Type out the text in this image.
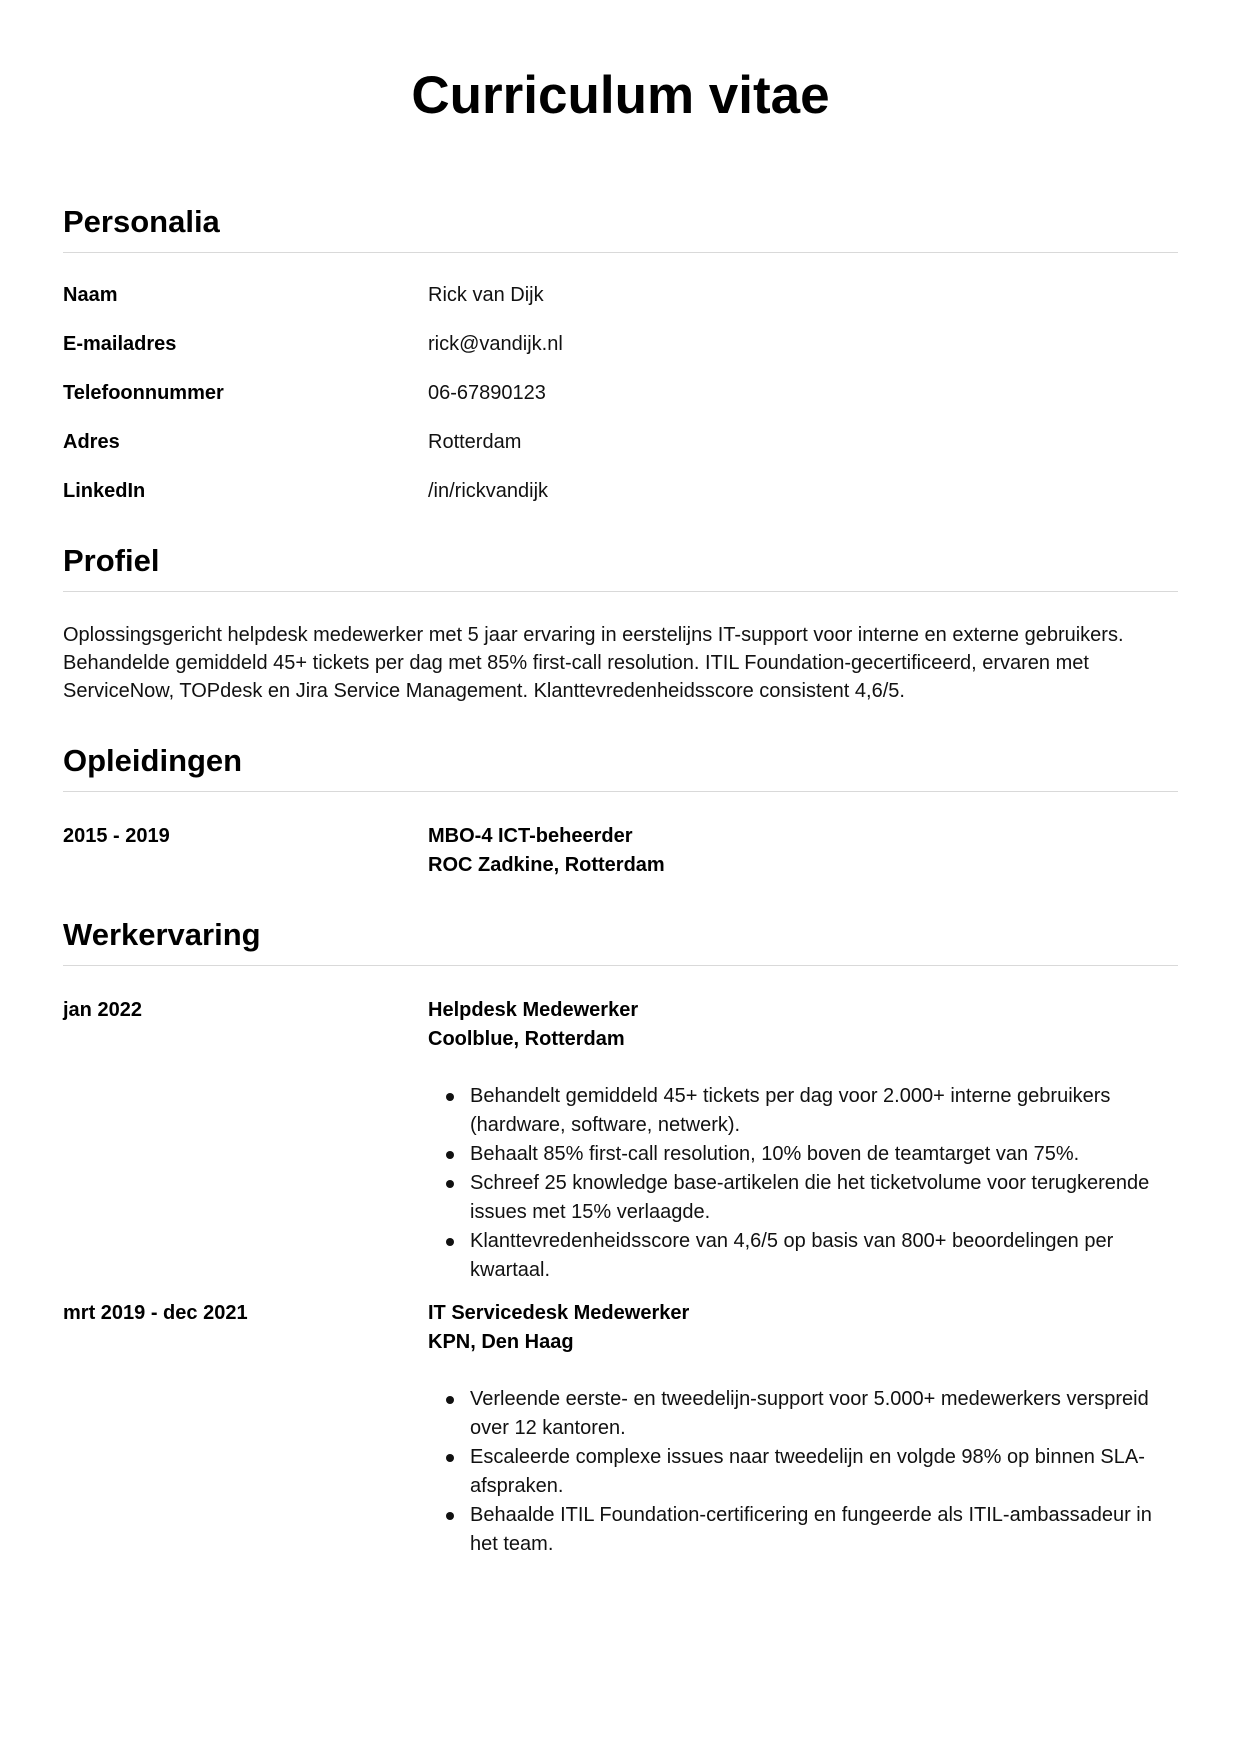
Curriculum vitae
Personalia
Naam	Rick van Dijk
E-mailadres	rick@vandijk.nl
Telefoonnummer	06-67890123
Adres	Rotterdam
LinkedIn	/in/rickvandijk
Profiel

Oplossingsgericht helpdesk medewerker met 5 jaar ervaring in eerstelijns IT-support voor interne en externe gebruikers. Behandelde gemiddeld 45+ tickets per dag met 85% first-call resolution. ITIL Foundation-gecertificeerd, ervaren met ServiceNow, TOPdesk en Jira Service Management. Klanttevredenheidsscore consistent 4,6/5.

Opleidingen
2015 - 2019	MBO-4 ICT-beheerder
ROC Zadkine, Rotterdam
Werkervaring
jan 2022	Helpdesk Medewerker
Coolblue, Rotterdam
Behandelt gemiddeld 45+ tickets per dag voor 2.000+ interne gebruikers (hardware, software, netwerk).
Behaalt 85% first-call resolution, 10% boven de teamtarget van 75%.
Schreef 25 knowledge base-artikelen die het ticketvolume voor terugkerende issues met 15% verlaagde.
Klanttevredenheidsscore van 4,6/5 op basis van 800+ beoordelingen per kwartaal.
mrt 2019 - dec 2021	IT Servicedesk Medewerker
KPN, Den Haag
Verleende eerste- en tweedelijn-support voor 5.000+ medewerkers verspreid over 12 kantoren.
Escaleerde complexe issues naar tweedelijn en volgde 98% op binnen SLA-afspraken.
Behaalde ITIL Foundation-certificering en fungeerde als ITIL-ambassadeur in het team.
